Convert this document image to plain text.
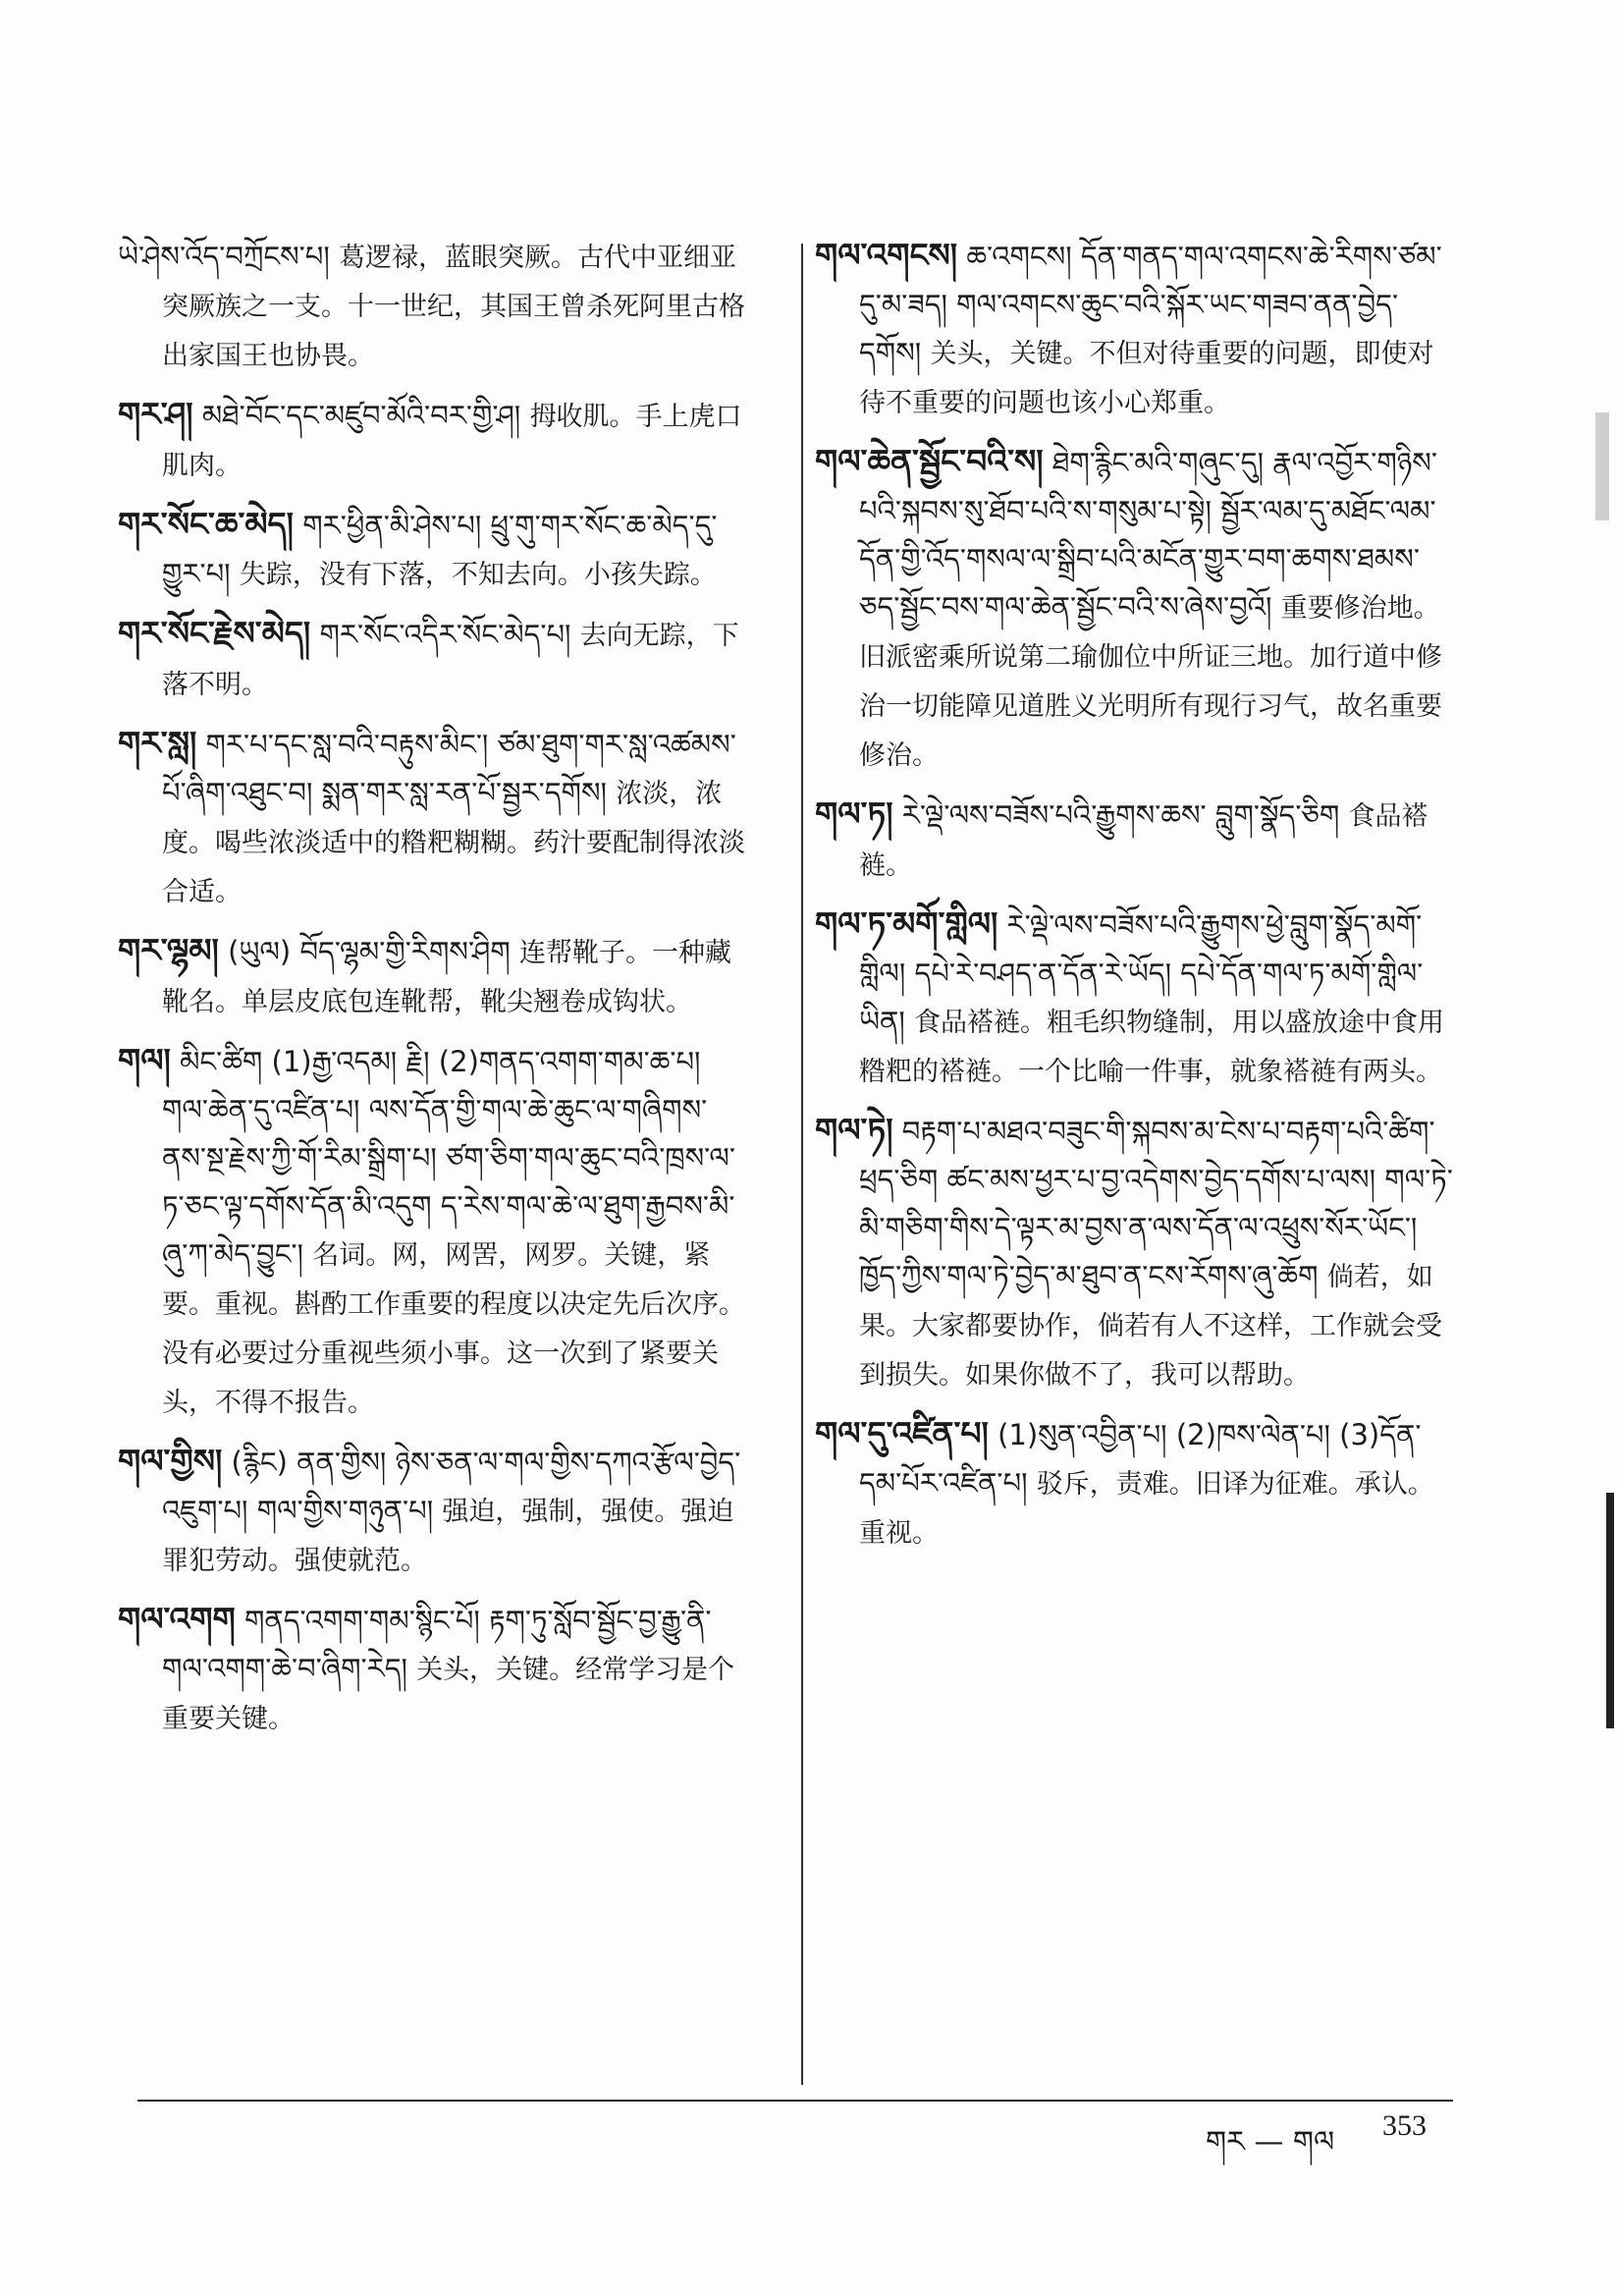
ཡེ་ཤེས་འོད་བཀྲོངས་པ། 葛逻禄，蓝眼突厥。古代中亚细亚突厥族之一支。十一世纪，其国王曾杀死阿里古格出家国王也协畏。
གར་ཤ། མཐེ་བོང་དང་མཛུབ་མོའི་བར་གྱི་ཤ། 拇收肌。手上虎口肌肉。
གར་སོང་ཆ་མེད། གར་ཕྱིན་མི་ཤེས་པ། ཕྲུ་གུ་གར་སོང་ཆ་མེད་དུ་གྱུར་པ། 失踪，没有下落，不知去向。小孩失踪。
གར་སོང་རྗེས་མེད། གར་སོང་འདིར་སོང་མེད་པ། 去向无踪，下落不明。
གར་སླ། གར་པ་དང་སླ་བའི་བརྟུས་མིང་། ཙམ་ཐུག་གར་སླ་འཚམས་པོ་ཞིག་འཐུང་བ། སྨན་གར་སླ་རན་པོ་སྦྱར་དགོས། 浓淡，浓度。喝些浓淡适中的糌粑糊糊。药汁要配制得浓淡合适。
གར་ལྷམ། (ཡུལ) བོད་ལྷམ་གྱི་རིགས་ཤིག 连帮靴子。一种藏靴名。单层皮底包连靴帮，靴尖翘卷成钩状。
གལ། མིང་ཚིག (1)རྒྱ་འདམ། རྗི། (2)གནད་འགག་གམ་ཆ་པ། གལ་ཆེན་དུ་འཛིན་པ། ལས་དོན་གྱི་གལ་ཆེ་ཆུང་ལ་གཞིགས་ནས་སྔ་རྗེས་ཀྱི་གོ་རིམ་སྒྲིག་པ། ཙག་ཅིག་གལ་ཆུང་བའི་ཁྲས་ལ་ཏ་ཅང་ལྟ་དགོས་དོན་མི་འདུག ད་རེས་གལ་ཆེ་ལ་ཐུག་རྒྱབས་མི་ཞུ་ཀ་མེད་བྱུང་། 名词。网，网罟，网罗。关键，紧要。重视。斟酌工作重要的程度以决定先后次序。没有必要过分重视些须小事。这一次到了紧要关头，不得不报告。
གལ་གྱིས། (རྙིང) ནན་གྱིས། ཉེས་ཅན་ལ་གལ་གྱིས་དཀའ་རྩོལ་བྱེད་འཇུག་པ། གལ་གྱིས་གཉུན་པ། 强迫，强制，强使。强迫罪犯劳动。强使就范。
གལ་འགག གནད་འགག་གམ་སྙིང་པོ། རྟག་ཏུ་སློབ་སྦྱོང་བྱ་རྒྱུ་ནི་གལ་འགག་ཆེ་བ་ཞིག་རེད། 关头，关键。经常学习是个重要关键。
གལ་འགངས། ཆ་འགངས། དོན་གནད་གལ་འགངས་ཆེ་རིགས་ཙམ་དུ་མ་ཟད། གལ་འགངས་ཆུང་བའི་སྐོར་ཡང་གཟབ་ནན་བྱེད་དགོས། 关头，关键。不但对待重要的问题，即使对待不重要的问题也该小心郑重。
གལ་ཆེན་སྦྱོང་བའི་ས། ཐེག་རྙིང་མའི་གཞུང་དུ། རྣལ་འབྱོར་གཉིས་པའི་སྐབས་སུ་ཐོབ་པའི་ས་གསུམ་པ་སྟེ། སྦྱོར་ལམ་དུ་མཐོང་ལམ་དོན་གྱི་འོད་གསལ་ལ་སྒྲིབ་པའི་མངོན་གྱུར་བག་ཆགས་ཐམས་ཅད་སྦྱོང་བས་གལ་ཆེན་སྦྱོང་བའི་ས་ཞེས་བྱའོ། 重要修治地。旧派密乘所说第二瑜伽位中所证三地。加行道中修治一切能障见道胜义光明所有现行习气，故名重要修治。
གལ་ཏ། རེ་ལྡེ་ལས་བཟོས་པའི་རྒྱུགས་ཆས་ བླུག་སྣོད་ཅིག 食品褡裢。
གལ་ཏ་མགོ་གླིལ། རེ་ལྡེ་ལས་བཟོས་པའི་རྒྱུགས་ཕྱེ་བླུག་སྣོད་མགོ་གླིལ། དཔེ་རེ་བཤད་ན་དོན་རེ་ཡོད། དཔེ་དོན་གལ་ཏ་མགོ་གླིལ་ཡིན། 食品褡裢。粗毛织物缝制，用以盛放途中食用糌粑的褡裢。一个比喻一件事，就象褡裢有两头。
གལ་ཏེ། བརྟག་པ་མཐའ་བཟུང་གི་སྐབས་མ་ངེས་པ་བརྟག་པའི་ཚིག་ཕྲད་ཅིག ཚང་མས་ཕྱར་པ་བྱ་འདེགས་བྱེད་དགོས་པ་ལས། གལ་ཏེ་མི་གཅིག་གིས་དེ་ལྟར་མ་བྱས་ན་ལས་དོན་ལ་འཕྲུས་སོར་ཡོང་། ཁྱོད་ཀྱིས་གལ་ཏེ་བྱེད་མ་ཐུབ་ན་ངས་རོགས་ཞུ་ཆོག 倘若，如果。大家都要协作，倘若有人不这样，工作就会受到损失。如果你做不了，我可以帮助。
གལ་དུ་འཛིན་པ། (1)སུན་འབྱིན་པ། (2)ཁས་ལེན་པ། (3)དོན་དམ་པོར་འཛིན་པ། 驳斥，责难。旧译为征难。承认。重视。
གར — གལ 353
